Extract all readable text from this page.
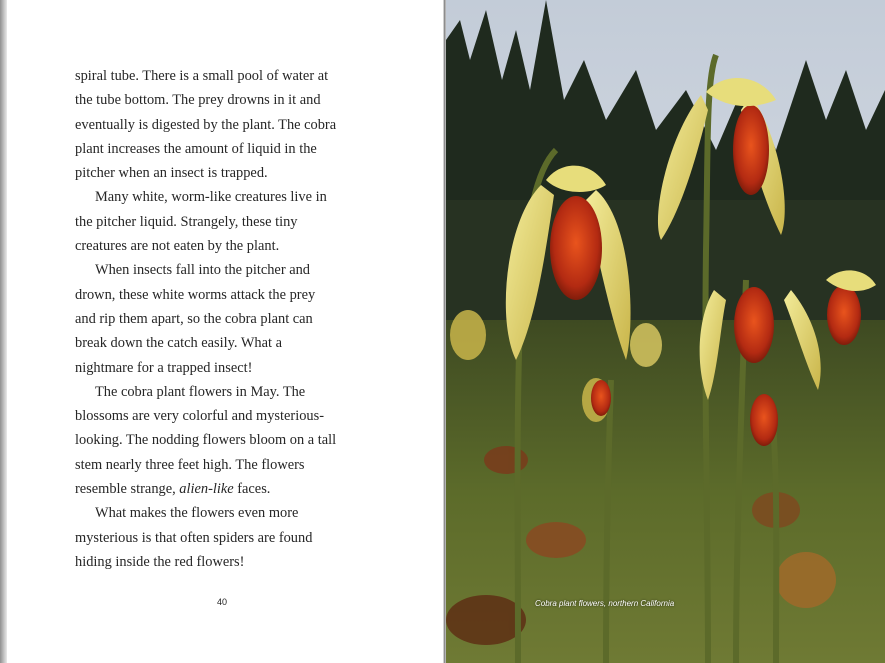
spiral tube. There is a small pool of water at
the tube bottom. The prey drowns in it and
eventually is digested by the plant. The cobra
plant increases the amount of liquid in the
pitcher when an insect is trapped.
Many white, worm-like creatures live in
the pitcher liquid. Strangely, these tiny
creatures are not eaten by the plant.
When insects fall into the pitcher and
drown, these white worms attack the prey
and rip them apart, so the cobra plant can
break down the catch easily. What a
nightmare for a trapped insect!
The cobra plant flowers in May. The
blossoms are very colorful and mysterious-
looking. The nodding flowers bloom on a tall
stem nearly three feet high. The flowers
resemble strange, alien-like faces.
What makes the flowers even more
mysterious is that often spiders are found
hiding inside the red flowers!
40	Cobra plant flowers, northern California
